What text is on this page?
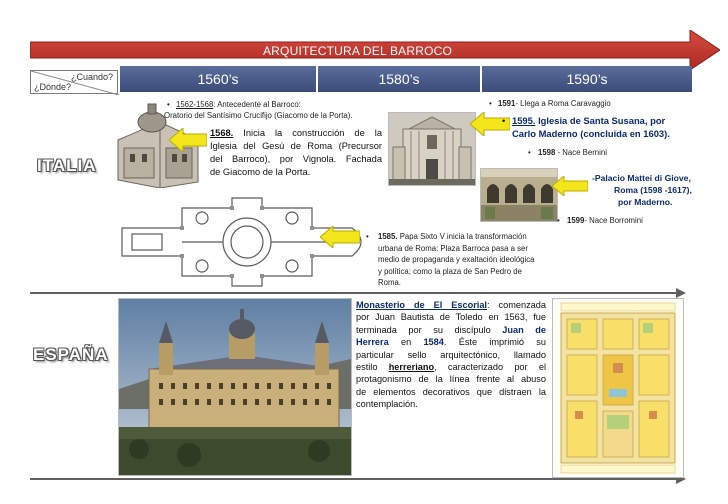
ARQUITECTURA DEL BARROCO
¿Cuando?
¿Dónde?	1560’s	1580’s	1590’s
ITALIA
ESPAÑA
1562-1568: Antecedente al Barroco:
Oratorio del Santísimo Crucifijo (Giacomo de la Porta).
1568. Inicia la construcción de la
Iglesia del Gesú de Roma (Precursor
del Barroco), por Vignola. Fachada
de Giacomo de la Porta.
• 1585. Papa Sixto V inicia la transformación
urbana de Roma: Plaza Barroca pasa a ser
medio de propaganda y exaltación ideológica
y política; como la plaza de San Pedro de
Roma.
• 1591- Llega a Roma Caravaggio
• 1595. Iglesia de Santa Susana, por
Carlo Maderno (concluida en 1603).
• 1598 - Nace Bernini
-Palacio Mattei di Giove,
Roma (1598 -1617),
por Maderno.
• 1599- Nace Borromini
Monasterio de El Escorial: comenzada
por Juan Bautista de Toledo en 1563, fue
terminada por su discípulo Juan de
Herrera en 1584. Éste imprimió su
particular sello arquitectónico, llamado
estilo herreriano, caracterizado por el
protagonismo de la línea frente al abuso
de elementos decorativos que distraen la
contemplación.
